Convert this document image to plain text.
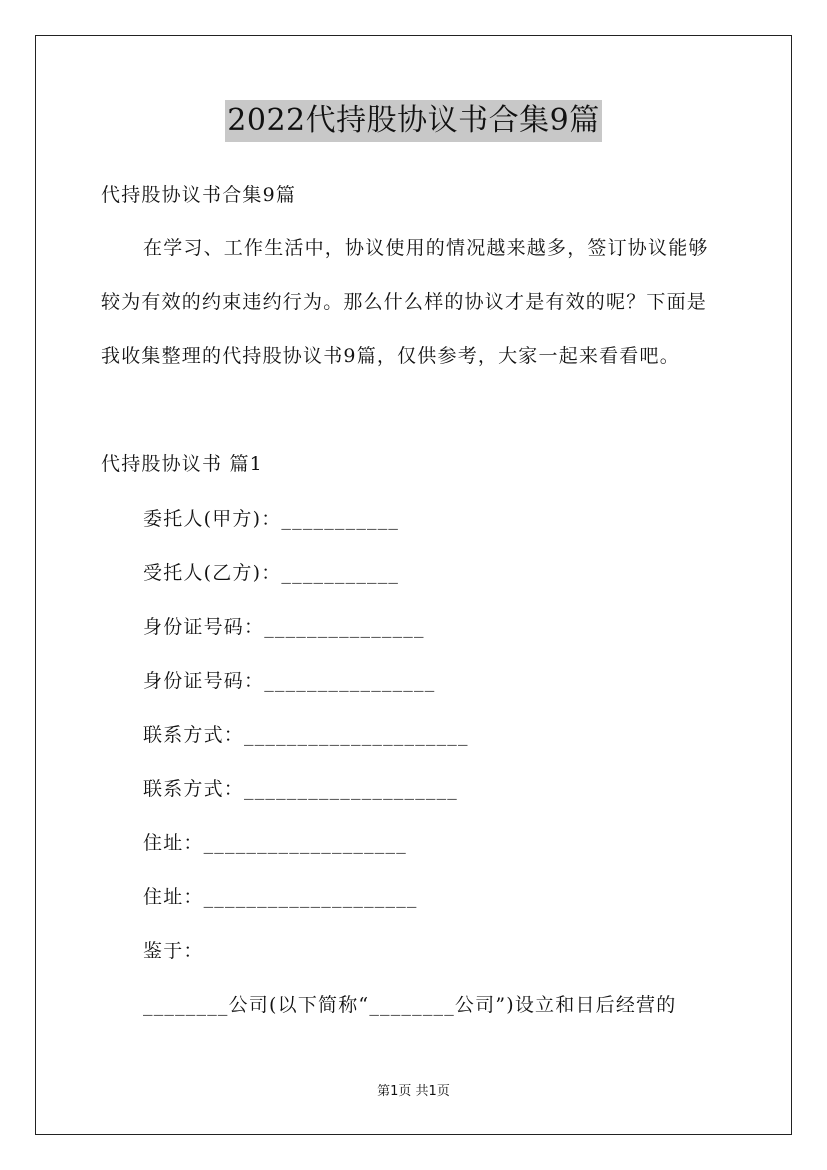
2022代持股协议书合集9篇
代持股协议书合集9篇
在学习、工作生活中，协议使用的情况越来越多，签订协议能够
较为有效的约束违约行为。那么什么样的协议才是有效的呢？下面是
我收集整理的代持股协议书9篇，仅供参考，大家一起来看看吧。
代持股协议书 篇1
委托人(甲方)：___________
受托人(乙方)：___________
身份证号码：_______________
身份证号码：________________
联系方式：_____________________
联系方式：____________________
住址：___________________
住址：____________________
鉴于：
________公司(以下简称“________公司”)设立和日后经营的
第1页 共1页
